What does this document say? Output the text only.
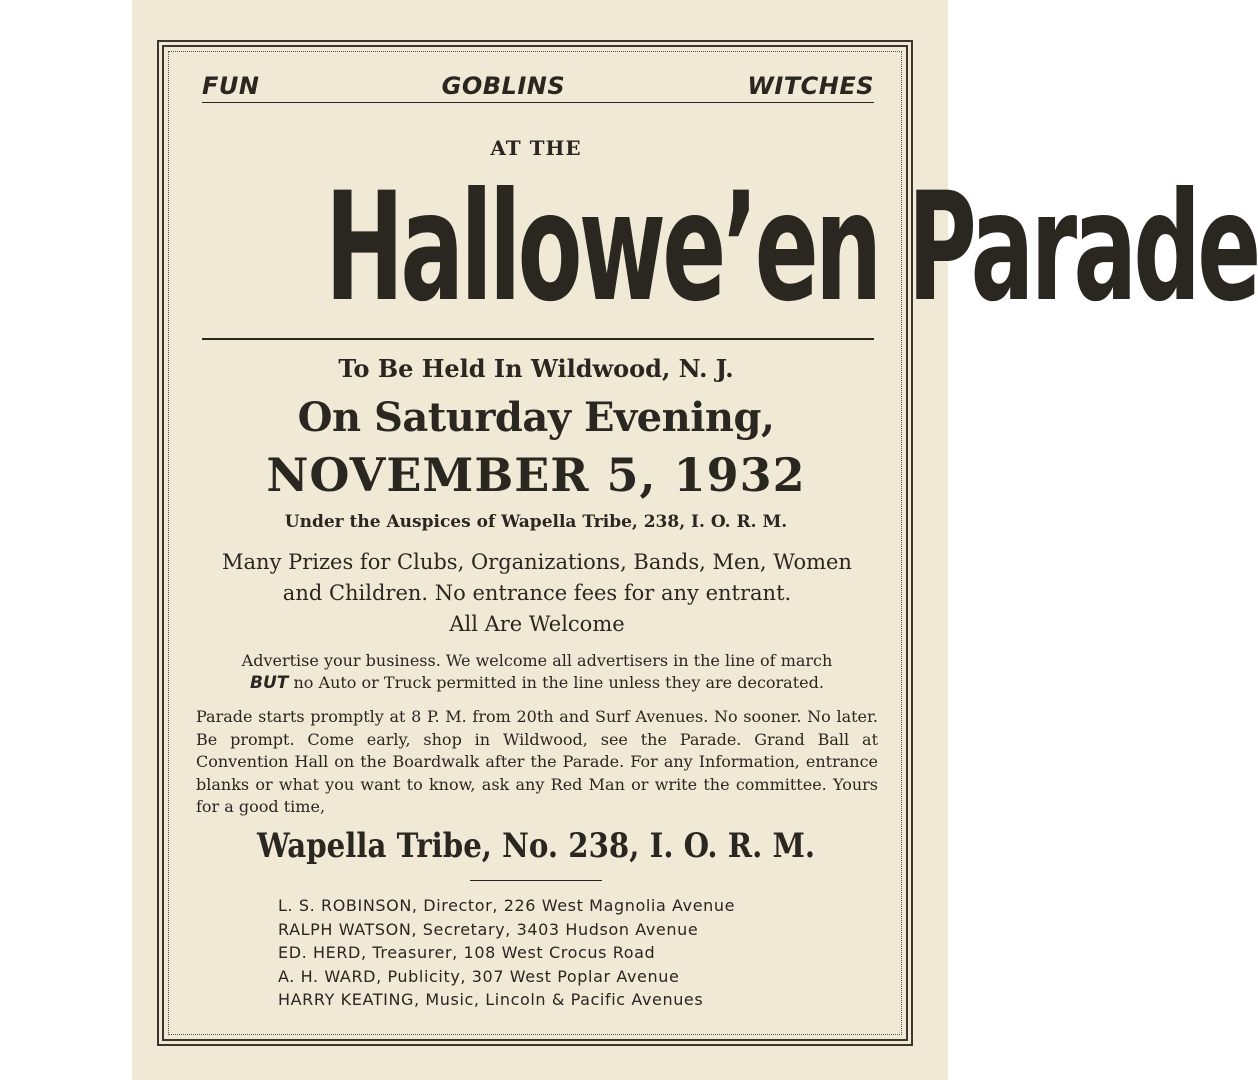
FUN	GOBLINS	WITCHES
AT THE
Hallowe’en Parade
To Be Held In Wildwood, N. J.
On Saturday Evening,
NOVEMBER 5, 1932
Under the Auspices of Wapella Tribe, 238, I. O. R. M.
Many Prizes for Clubs, Organizations, Bands, Men, Women
and Children. No entrance fees for any entrant.
All Are Welcome
Advertise your business. We welcome all advertisers in the line of march
BUT no Auto or Truck permitted in the line unless they are decorated.
Parade starts promptly at 8 P. M. from 20th and Surf Avenues. No sooner. No later. Be prompt. Come early, shop in Wildwood, see the Parade. Grand Ball at Convention Hall on the Boardwalk after the Parade. For any Information, entrance blanks or what you want to know, ask any Red Man or write the committee. Yours for a good time,
Wapella Tribe, No. 238, I. O. R. M.
L. S. ROBINSON, Director, 226 West Magnolia Avenue
RALPH WATSON, Secretary, 3403 Hudson Avenue
ED. HERD, Treasurer, 108 West Crocus Road
A. H. WARD, Publicity, 307 West Poplar Avenue
HARRY KEATING, Music, Lincoln & Pacific Avenues
